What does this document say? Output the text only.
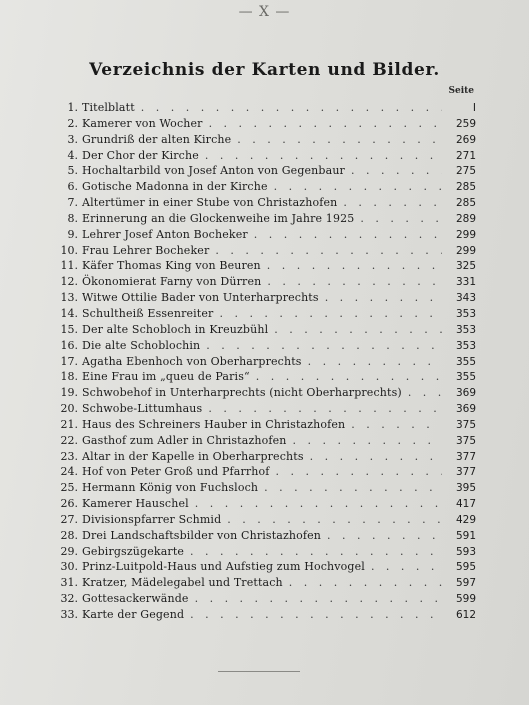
— X —
Verzeichnis der Karten und Bilder.
Seite
1. Titelblatt . . .	I
2. Kamerer von Wocher . . .	259
3. Grundriß der alten Kirche . . .	269
4. Der Chor der Kirche . . .	271
5. Hochaltarbild von Josef Anton von Gegenbaur . . .	275
6. Gotische Madonna in der Kirche . . .	285
7. Altertümer in einer Stube von Christazhofen . . .	285
8. Erinnerung an die Glockenweihe im Jahre 1925 . . .	289
9. Lehrer Josef Anton Bocheker . . .	299
10. Frau Lehrer Bocheker . . .	299
11. Käfer Thomas King von Beuren . . .	325
12. Ökonomierat Farny von Dürren . . .	331
13. Witwe Ottilie Bader von Unterharprechts . . .	343
14. Schultheiß Essenreiter . . .	353
15. Der alte Schobloch in Kreuzbühl . . .	353
16. Die alte Schoblochin . . .	353
17. Agatha Ebenhoch von Oberharprechts . . .	355
18. Eine Frau im „queu de Paris“ . . .	355
19. Schwobehof in Unterharprechts (nicht Oberharprechts) . . .	369
20. Schwobe-Littumhaus . . .	369
21. Haus des Schreiners Hauber in Christazhofen . . .	375
22. Gasthof zum Adler in Christazhofen . . .	375
23. Altar in der Kapelle in Oberharprechts . . .	377
24. Hof von Peter Groß und Pfarrhof . . .	377
25. Hermann König von Fuchsloch . . .	395
26. Kamerer Hauschel . . .	417
27. Divisionspfarrer Schmid . . .	429
28. Drei Landschaftsbilder von Christazhofen . . .	591
29. Gebirgszügekarte . . .	593
30. Prinz-Luitpold-Haus und Aufstieg zum Hochvogel . . .	595
31. Kratzer, Mädelegabel und Trettach . . .	597
32. Gottesackerwände . . .	599
33. Karte der Gegend . . .	612
